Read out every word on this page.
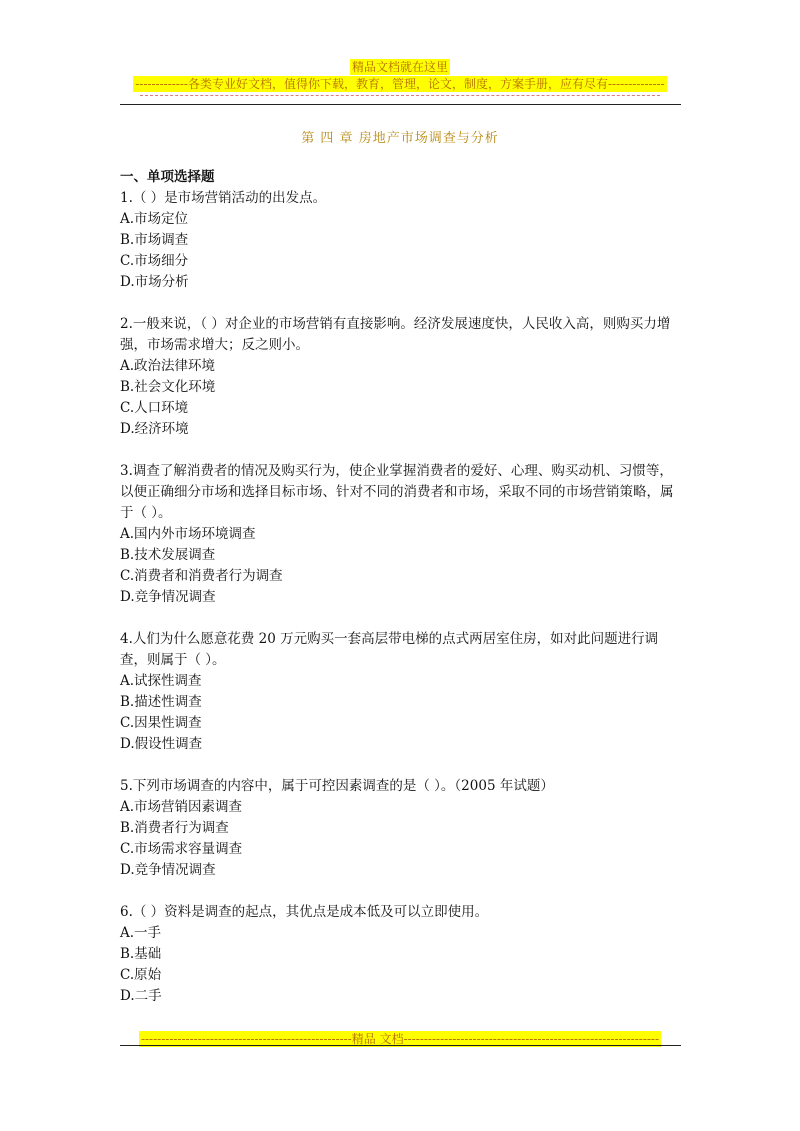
精品文档就在这里
-------------各类专业好文档，值得你下载，教育，管理，论文，制度，方案手册，应有尽有--------------
第 四 章 房地产市场调查与分析
一、单项选择题

1.（ ）是市场营销活动的出发点。

A.市场定位

B.市场调查

C.市场细分

D.市场分析

2.一般来说，（ ）对企业的市场营销有直接影响。经济发展速度快，人民收入高，则购买力增强，市场需求增大；反之则小。

A.政治法律环境

B.社会文化环境

C.人口环境

D.经济环境

3.调查了解消费者的情况及购买行为，使企业掌握消费者的爱好、心理、购买动机、习惯等，以便正确细分市场和选择目标市场、针对不同的消费者和市场，采取不同的市场营销策略，属于（ ）。

A.国内外市场环境调查

B.技术发展调查

C.消费者和消费者行为调查

D.竞争情况调查

4.人们为什么愿意花费 20 万元购买一套高层带电梯的点式两居室住房，如对此问题进行调查，则属于（ ）。

A.试探性调查

B.描述性调查

C.因果性调查

D.假设性调查

5.下列市场调查的内容中，属于可控因素调查的是（ ）。（2005 年试题）

A.市场营销因素调查

B.消费者行为调查

C.市场需求容量调查

D.竞争情况调查

6.（ ）资料是调查的起点，其优点是成本低及可以立即使用。

A.一手

B.基础

C.原始

D.二手

----------------------------------------------------精品 文档---------------------------------------------------------------
